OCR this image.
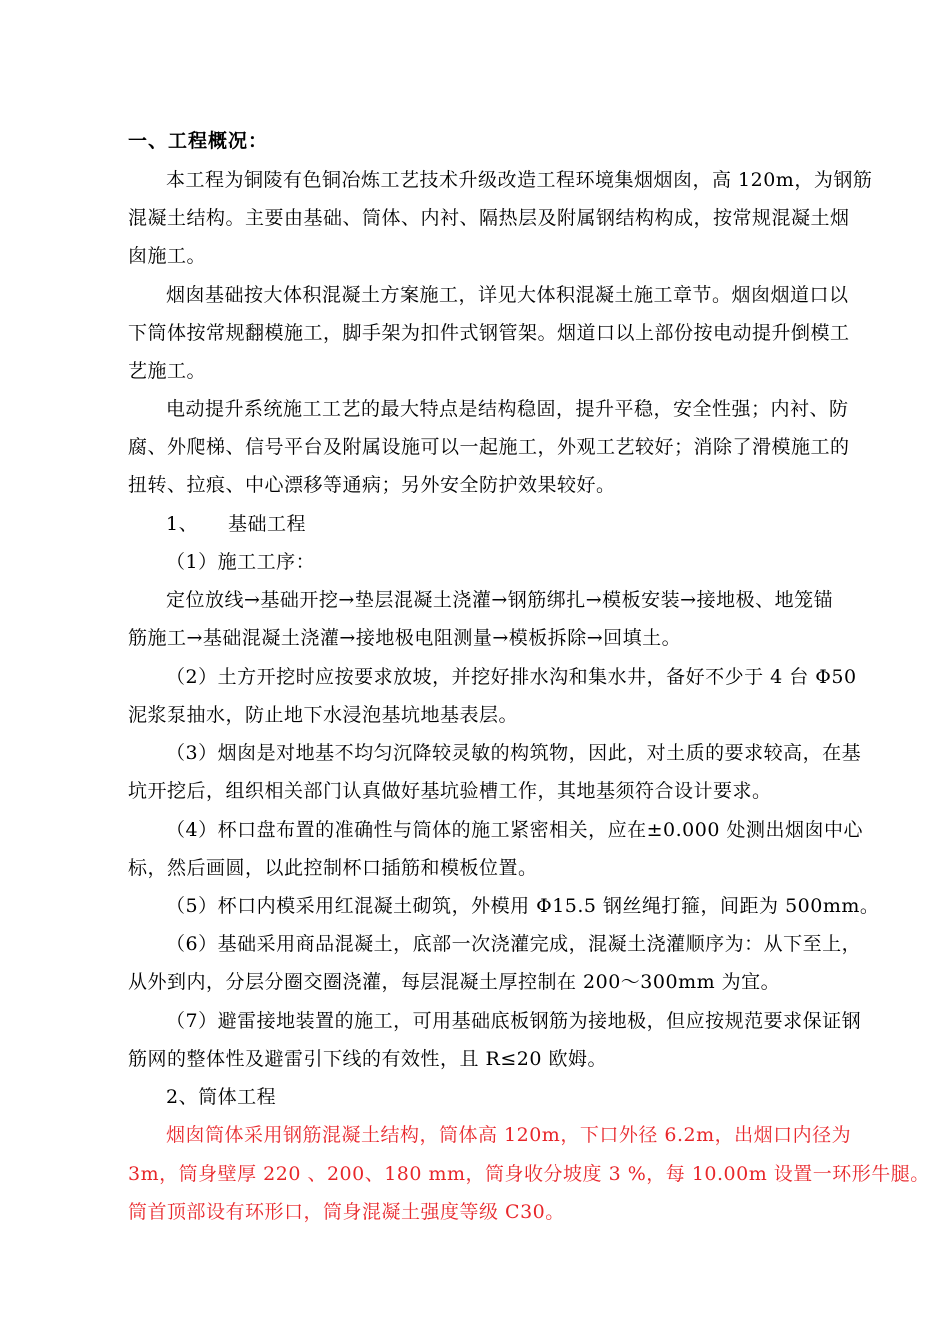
一、工程概况：
本工程为铜陵有色铜冶炼工艺技术升级改造工程环境集烟烟囱，高 120m，为钢筋
混凝土结构。主要由基础、筒体、内衬、隔热层及附属钢结构构成，按常规混凝土烟
囱施工。
烟囱基础按大体积混凝土方案施工，详见大体积混凝土施工章节。烟囱烟道口以
下筒体按常规翻模施工，脚手架为扣件式钢管架。烟道口以上部份按电动提升倒模工
艺施工。
电动提升系统施工工艺的最大特点是结构稳固，提升平稳，安全性强；内衬、防
腐、外爬梯、信号平台及附属设施可以一起施工，外观工艺较好；消除了滑模施工的
扭转、拉痕、中心漂移等通病；另外安全防护效果较好。
1、 基础工程
（1）施工工序：
定位放线→基础开挖→垫层混凝土浇灌→钢筋绑扎→模板安装→接地极、地笼锚
筋施工→基础混凝土浇灌→接地极电阻测量→模板拆除→回填土。
（2）土方开挖时应按要求放坡，并挖好排水沟和集水井，备好不少于 4 台 Φ50
泥浆泵抽水，防止地下水浸泡基坑地基表层。
（3）烟囱是对地基不均匀沉降较灵敏的构筑物，因此，对土质的要求较高，在基
坑开挖后，组织相关部门认真做好基坑验槽工作，其地基须符合设计要求。
（4）杯口盘布置的准确性与筒体的施工紧密相关，应在±0.000 处测出烟囱中心
标，然后画圆，以此控制杯口插筋和模板位置。
（5）杯口内模采用红混凝土砌筑，外模用 Φ15.5 钢丝绳打箍，间距为 500mm。
（6）基础采用商品混凝土，底部一次浇灌完成，混凝土浇灌顺序为：从下至上，
从外到内，分层分圈交圈浇灌，每层混凝土厚控制在 200～300mm 为宜。
（7）避雷接地装置的施工，可用基础底板钢筋为接地极，但应按规范要求保证钢
筋网的整体性及避雷引下线的有效性，且 R≤20 欧姆。
2、筒体工程
烟囱筒体采用钢筋混凝土结构，筒体高 120m，下口外径 6.2m，出烟口内径为
3m，筒身壁厚 220 、200、180 mm，筒身收分坡度 3 %，每 10.00m 设置一环形牛腿。
筒首顶部设有环形口，筒身混凝土强度等级 C30。
